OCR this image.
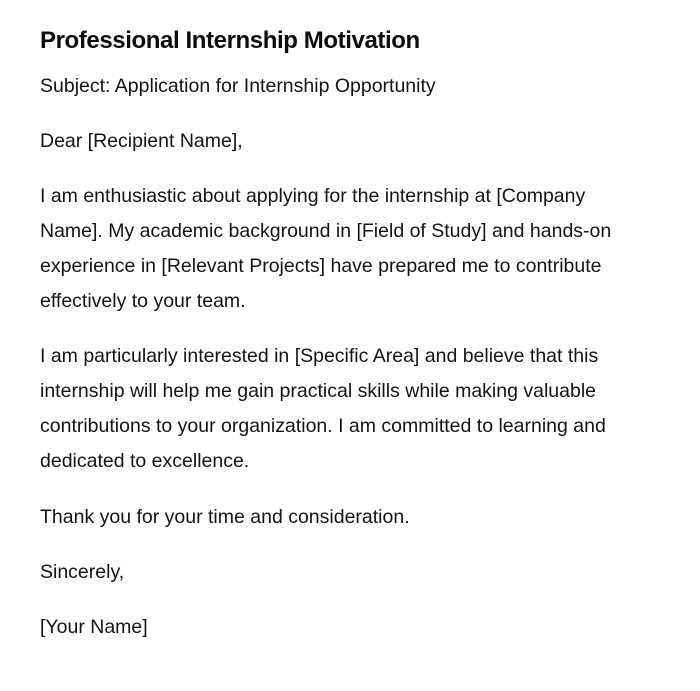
Professional Internship Motivation

Subject: Application for Internship Opportunity

Dear [Recipient Name],

I am enthusiastic about applying for the internship at [Company Name]. My academic background in [Field of Study] and hands-on experience in [Relevant Projects] have prepared me to contribute effectively to your team.

I am particularly interested in [Specific Area] and believe that this internship will help me gain practical skills while making valuable contributions to your organization. I am committed to learning and dedicated to excellence.

Thank you for your time and consideration.

Sincerely,

[Your Name]
